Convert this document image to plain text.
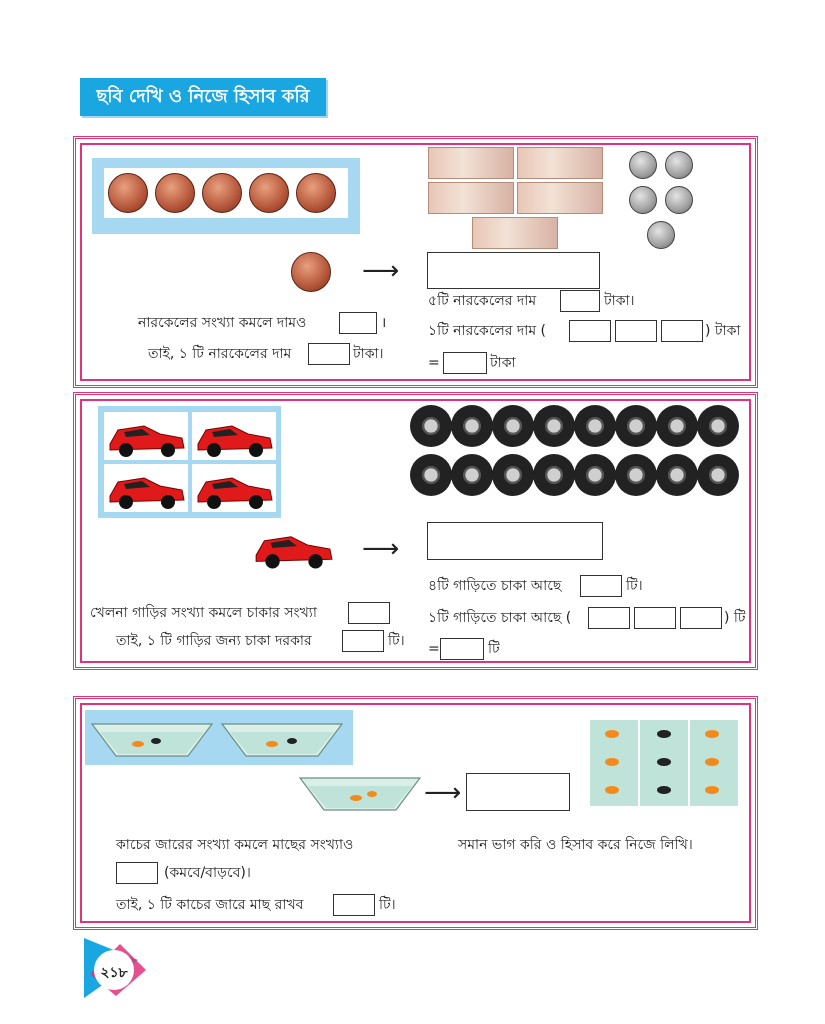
ছবি দেখি ও নিজে হিসাব করি
⟶
নারকেলের সংখ্যা কমলে দামও	।
তাই, ১ টি নারকেলের দাম	টাকা।
৫টি নারকেলের দাম	টাকা।
১টি নারকেলের দাম (	) টাকা
=	টাকা
⟶
খেলনা গাড়ির সংখ্যা কমলে চাকার সংখ্যা
তাই, ১ টি গাড়ির জন্য চাকা দরকার	টি।
৪টি গাড়িতে চাকা আছে	টি।
১টি গাড়িতে চাকা আছে (	) টি
=	টি
⟶
কাচের জারের সংখ্যা কমলে মাছের সংখ্যাও
(কমবে/বাড়বে)।
তাই, ১ টি কাচের জারে মাছ রাখব	টি।
সমান ভাগ করি ও হিসাব করে নিজে লিখি।
২১৮
